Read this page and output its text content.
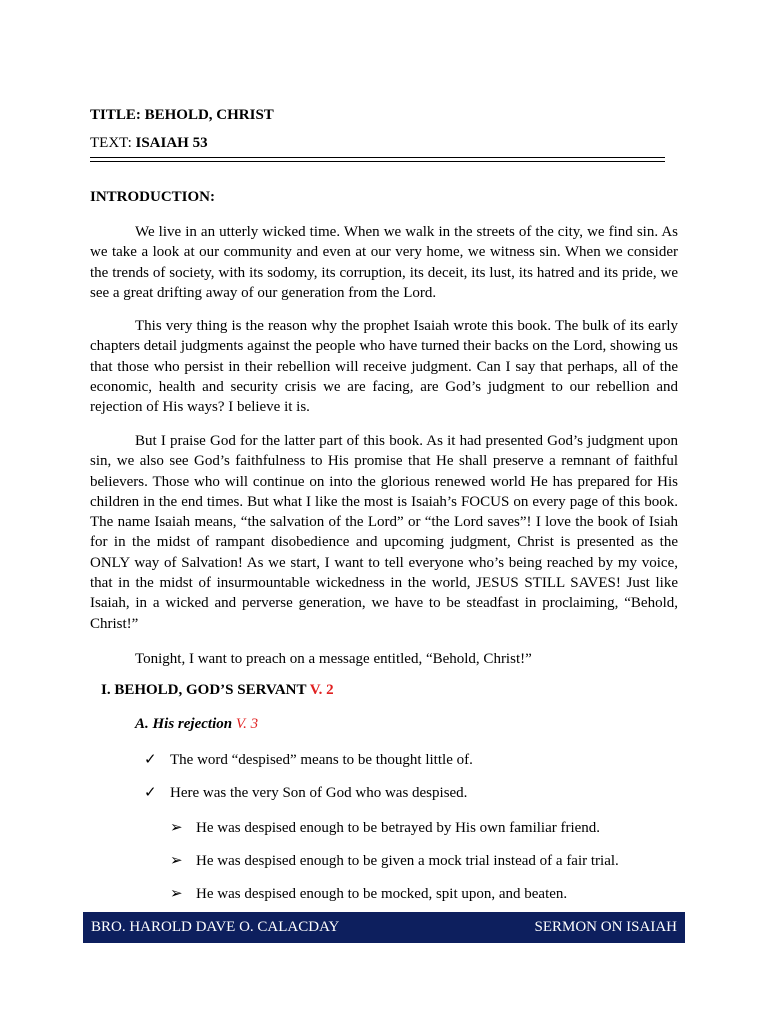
TITLE: BEHOLD, CHRIST
TEXT: ISAIAH 53
INTRODUCTION:

We live in an utterly wicked time. When we walk in the streets of the city, we find sin. As we take a look at our community and even at our very home, we witness sin. When we consider the trends of society, with its sodomy, its corruption, its deceit, its lust, its hatred and its pride, we see a great drifting away of our generation from the Lord.

This very thing is the reason why the prophet Isaiah wrote this book. The bulk of its early chapters detail judgments against the people who have turned their backs on the Lord, showing us that those who persist in their rebellion will receive judgment. Can I say that perhaps, all of the economic, health and security crisis we are facing, are God’s judgment to our rebellion and rejection of His ways? I believe it is.

But I praise God for the latter part of this book. As it had presented God’s judgment upon sin, we also see God’s faithfulness to His promise that He shall preserve a remnant of faithful believers. Those who will continue on into the glorious renewed world He has prepared for His children in the end times. But what I like the most is Isaiah’s FOCUS on every page of this book. The name Isaiah means, “the salvation of the Lord” or “the Lord saves”! I love the book of Isiah for in the midst of rampant disobedience and upcoming judgment, Christ is presented as the ONLY way of Salvation! As we start, I want to tell everyone who’s being reached by my voice, that in the midst of insurmountable wickedness in the world, JESUS STILL SAVES! Just like Isaiah, in a wicked and perverse generation, we have to be steadfast in proclaiming, “Behold, Christ!”

Tonight, I want to preach on a message entitled, “Behold, Christ!”

I. BEHOLD, GOD’S SERVANT V. 2
A. His rejection V. 3
✓ The word “despised” means to be thought little of.
✓ Here was the very Son of God who was despised.
➢ He was despised enough to be betrayed by His own familiar friend.
➢ He was despised enough to be given a mock trial instead of a fair trial.
➢ He was despised enough to be mocked, spit upon, and beaten.
BRO. HAROLD DAVE O. CALACDAY	SERMON ON ISAIAH
